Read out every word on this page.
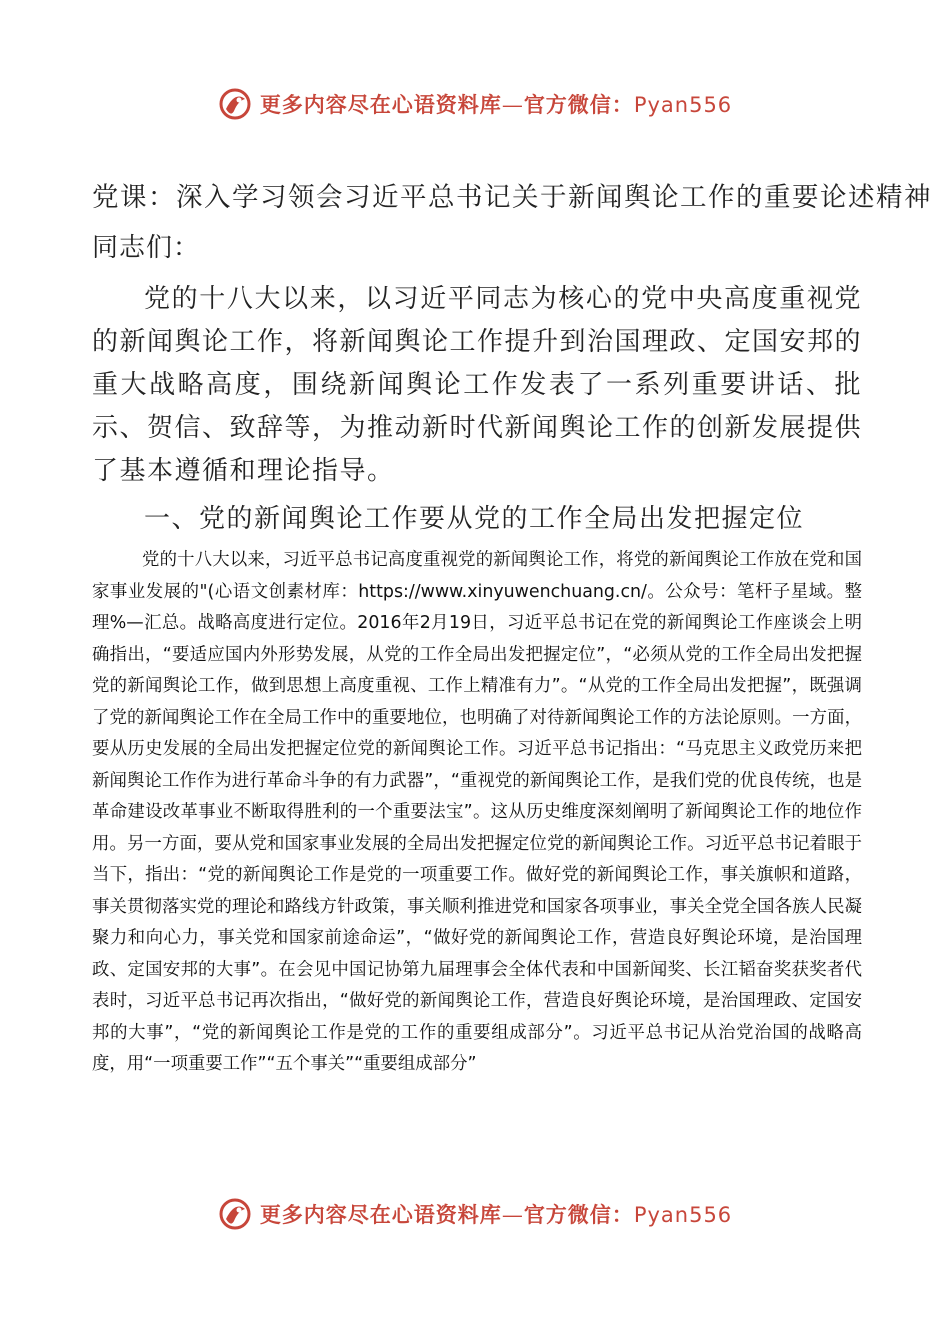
更多内容尽在心语资料库—官方微信：Pyan556
党课：深入学习领会习近平总书记关于新闻舆论工作的重要论述精神

同志们：

党的十八大以来，以习近平同志为核心的党中央高度重视党的新闻舆论工作，将新闻舆论工作提升到治国理政、定国安邦的重大战略高度，围绕新闻舆论工作发表了一系列重要讲话、批示、贺信、致辞等，为推动新时代新闻舆论工作的创新发展提供了基本遵循和理论指导。

一、党的新闻舆论工作要从党的工作全局出发把握定位

党的十八大以来，习近平总书记高度重视党的新闻舆论工作，将党的新闻舆论工作放在党和国家事业发展的"(心语文创素材库：https://www.xinyuwenchuang.cn/。公众号：笔杆子星域。整理%—汇总。战略高度进行定位。2016年2月19日，习近平总书记在党的新闻舆论工作座谈会上明确指出，“要适应国内外形势发展，从党的工作全局出发把握定位”，“必须从党的工作全局出发把握党的新闻舆论工作，做到思想上高度重视、工作上精准有力”。“从党的工作全局出发把握”，既强调了党的新闻舆论工作在全局工作中的重要地位，也明确了对待新闻舆论工作的方法论原则。一方面，要从历史发展的全局出发把握定位党的新闻舆论工作。习近平总书记指出：“马克思主义政党历来把新闻舆论工作作为进行革命斗争的有力武器”，“重视党的新闻舆论工作，是我们党的优良传统，也是革命建设改革事业不断取得胜利的一个重要法宝”。这从历史维度深刻阐明了新闻舆论工作的地位作用。另一方面，要从党和国家事业发展的全局出发把握定位党的新闻舆论工作。习近平总书记着眼于当下，指出：“党的新闻舆论工作是党的一项重要工作。做好党的新闻舆论工作，事关旗帜和道路，事关贯彻落实党的理论和路线方针政策，事关顺利推进党和国家各项事业，事关全党全国各族人民凝聚力和向心力，事关党和国家前途命运”，“做好党的新闻舆论工作，营造良好舆论环境，是治国理政、定国安邦的大事”。在会见中国记协第九届理事会全体代表和中国新闻奖、长江韬奋奖获奖者代表时，习近平总书记再次指出，“做好党的新闻舆论工作，营造良好舆论环境，是治国理政、定国安邦的大事”，“党的新闻舆论工作是党的工作的重要组成部分”。习近平总书记从治党治国的战略高度，用“一项重要工作”“五个事关”“重要组成部分”

更多内容尽在心语资料库—官方微信：Pyan556
